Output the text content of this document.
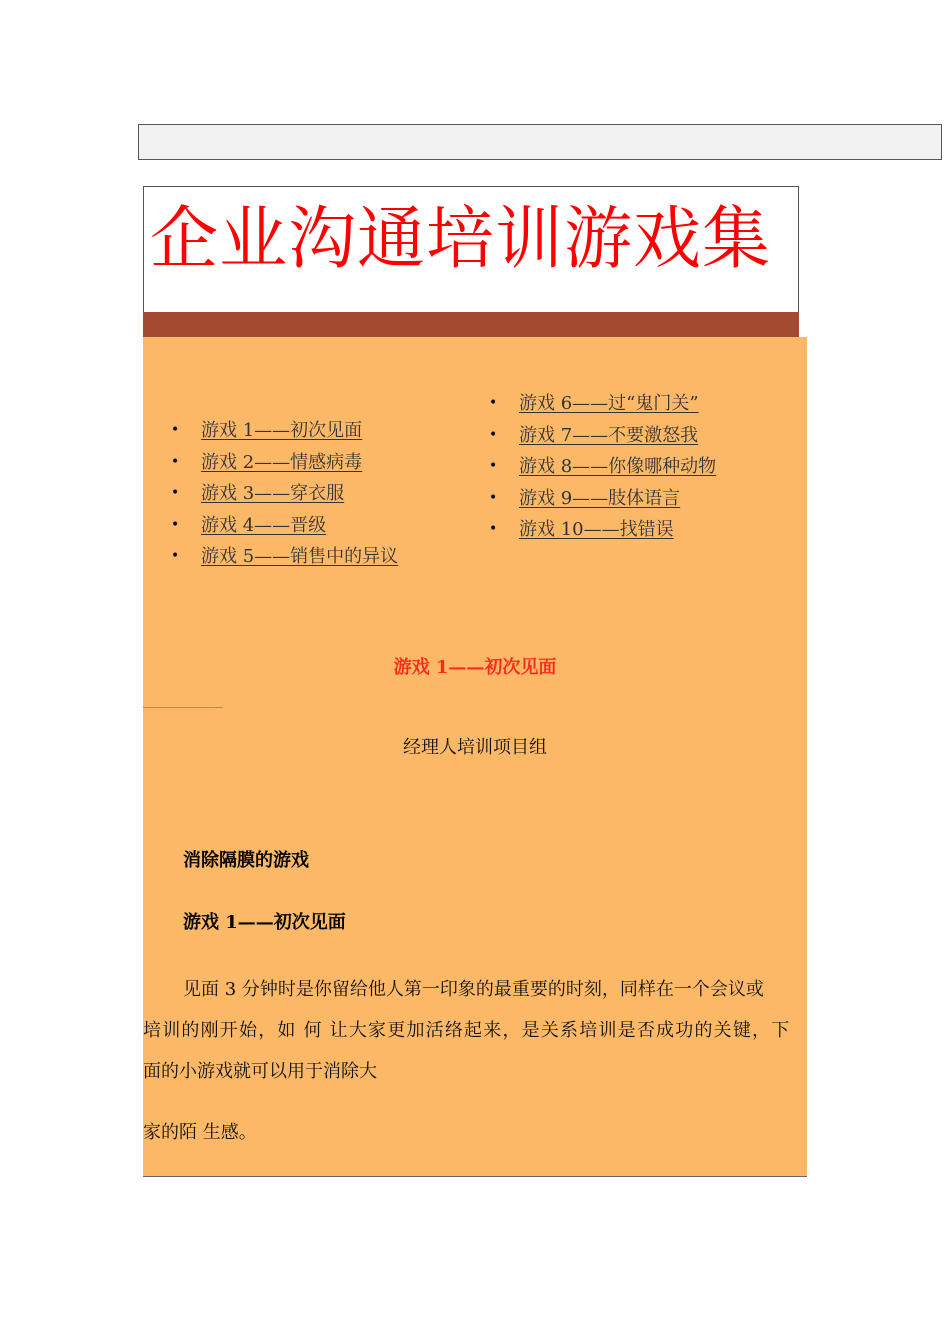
企业沟通培训游戏集
• 游戏 1——初次见面
• 游戏 2——情感病毒
• 游戏 3——穿衣服
• 游戏 4——晋级
• 游戏 5——销售中的异议
• 游戏 6——过“鬼门关”
• 游戏 7——不要激怒我
• 游戏 8——你像哪种动物
• 游戏 9——肢体语言
• 游戏 10——找错误
游戏 1——初次见面
经理人培训项目组
消除隔膜的游戏
游戏 1——初次见面
见面 3 分钟时是你留给他人第一印象的最重要的时刻，同样在一个会议或
培训的刚开始，如 何 让大家更加活络起来，是关系培训是否成功的关键，下
面的小游戏就可以用于消除大
家的陌 生感。
